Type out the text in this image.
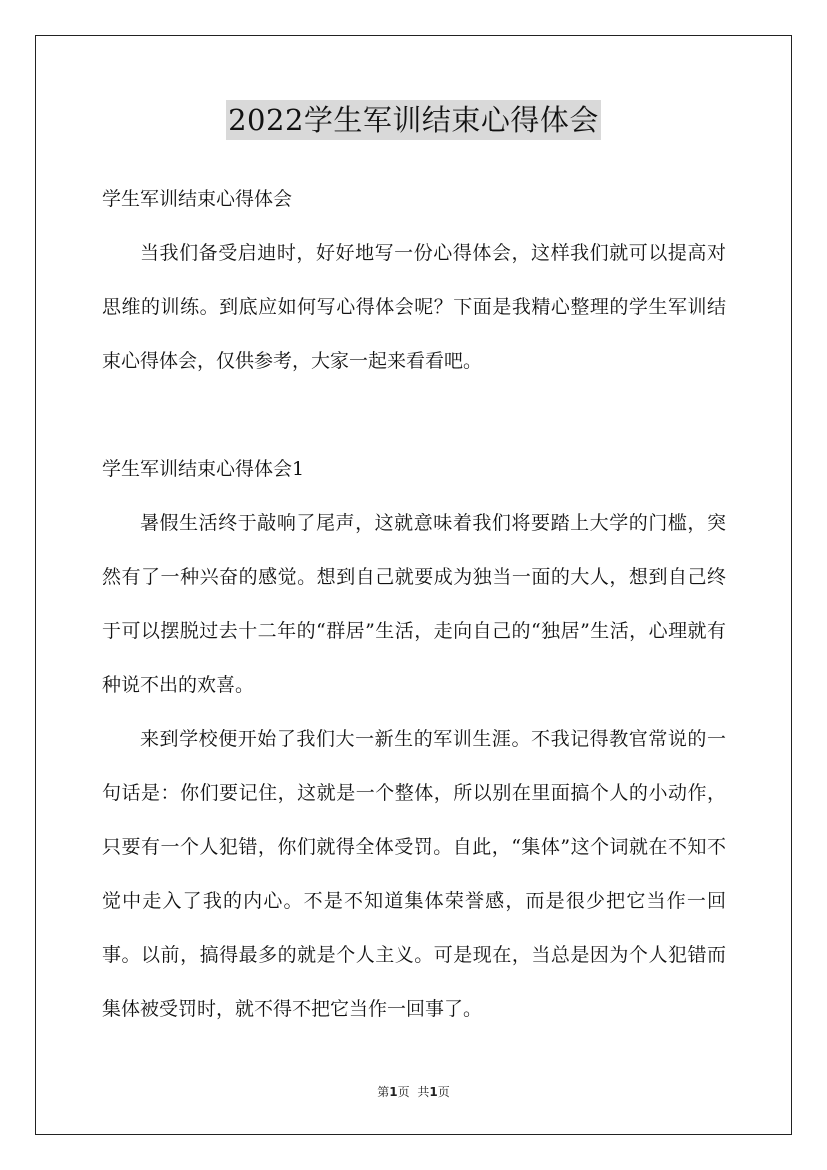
2022学生军训结束心得体会

学生军训结束心得体会

当我们备受启迪时，好好地写一份心得体会，这样我们就可以提高对思维的训练。到底应如何写心得体会呢？下面是我精心整理的学生军训结束心得体会，仅供参考，大家一起来看看吧。

学生军训结束心得体会1

暑假生活终于敲响了尾声，这就意味着我们将要踏上大学的门槛，突然有了一种兴奋的感觉。想到自己就要成为独当一面的大人，想到自己终于可以摆脱过去十二年的“群居”生活，走向自己的“独居”生活，心理就有种说不出的欢喜。

来到学校便开始了我们大一新生的军训生涯。不我记得教官常说的一句话是：你们要记住，这就是一个整体，所以别在里面搞个人的小动作，只要有一个人犯错，你们就得全体受罚。自此，“集体”这个词就在不知不觉中走入了我的内心。不是不知道集体荣誉感，而是很少把它当作一回事。以前，搞得最多的就是个人主义。可是现在，当总是因为个人犯错而集体被受罚时，就不得不把它当作一回事了。

第1页 共1页
